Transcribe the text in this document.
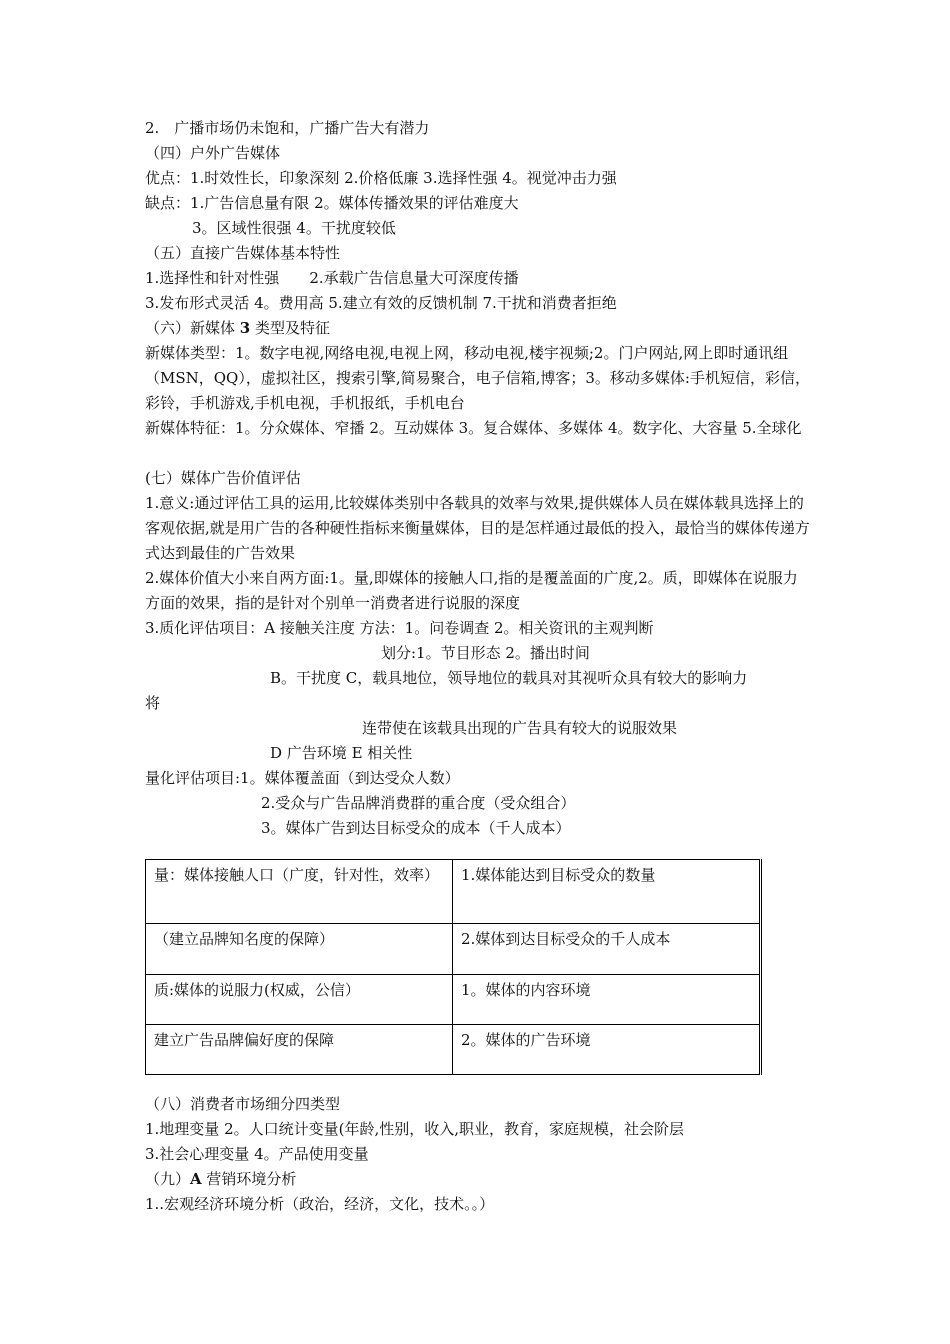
2.　广播市场仍未饱和，广播广告大有潜力

（四）户外广告媒体

优点：1.时效性长，印象深刻 2.价格低廉 3.选择性强 4。视觉冲击力强

缺点：1.广告信息量有限 2。媒体传播效果的评估难度大

3。区域性很强 4。干扰度较低

（五）直接广告媒体基本特性

1.选择性和针对性强　　2.承载广告信息量大可深度传播

3.发布形式灵活 4。费用高 5.建立有效的反馈机制 7.干扰和消费者拒绝

（六）新媒体 3 类型及特征

新媒体类型：1。数字电视,网络电视,电视上网，移动电视,楼宇视频;2。门户网站,网上即时通讯组（MSN，QQ），虚拟社区，搜索引擎,简易聚合，电子信箱,博客；3。移动多媒体:手机短信，彩信，彩铃，手机游戏,手机电视，手机报纸，手机电台

新媒体特征：1。分众媒体、窄播 2。互动媒体 3。复合媒体、多媒体 4。数字化、大容量 5.全球化

(七）媒体广告价值评估

1.意义:通过评估工具的运用,比较媒体类别中各载具的效率与效果,提供媒体人员在媒体载具选择上的客观依据,就是用广告的各种硬性指标来衡量媒体，目的是怎样通过最低的投入，最恰当的媒体传递方式达到最佳的广告效果

2.媒体价值大小来自两方面:1。量,即媒体的接触人口,指的是覆盖面的广度,2。质，即媒体在说服力方面的效果，指的是针对个别单一消费者进行说服的深度

3.质化评估项目：A 接触关注度 方法：1。问卷调查 2。相关资讯的主观判断

划分:1。节目形态 2。播出时间

B。干扰度 C，载具地位，领导地位的载具对其视听众具有较大的影响力

将

连带使在该载具出现的广告具有较大的说服效果

D 广告环境 E 相关性

量化评估项目:1。媒体覆盖面（到达受众人数）

2.受众与广告品牌消费群的重合度（受众组合）

3。媒体广告到达目标受众的成本（千人成本）

量：媒体接触人口（广度，针对性，效率）	1.媒体能达到目标受众的数量
（建立品牌知名度的保障）	2.媒体到达目标受众的千人成本
质:媒体的说服力(权威，公信）	1。媒体的内容环境
建立广告品牌偏好度的保障	2。媒体的广告环境

（八）消费者市场细分四类型

1.地理变量 2。人口统计变量(年龄,性别，收入,职业，教育，家庭规模，社会阶层

3.社会心理变量 4。产品使用变量

（九）A 营销环境分析

1..宏观经济环境分析（政治，经济，文化，技术。。）
